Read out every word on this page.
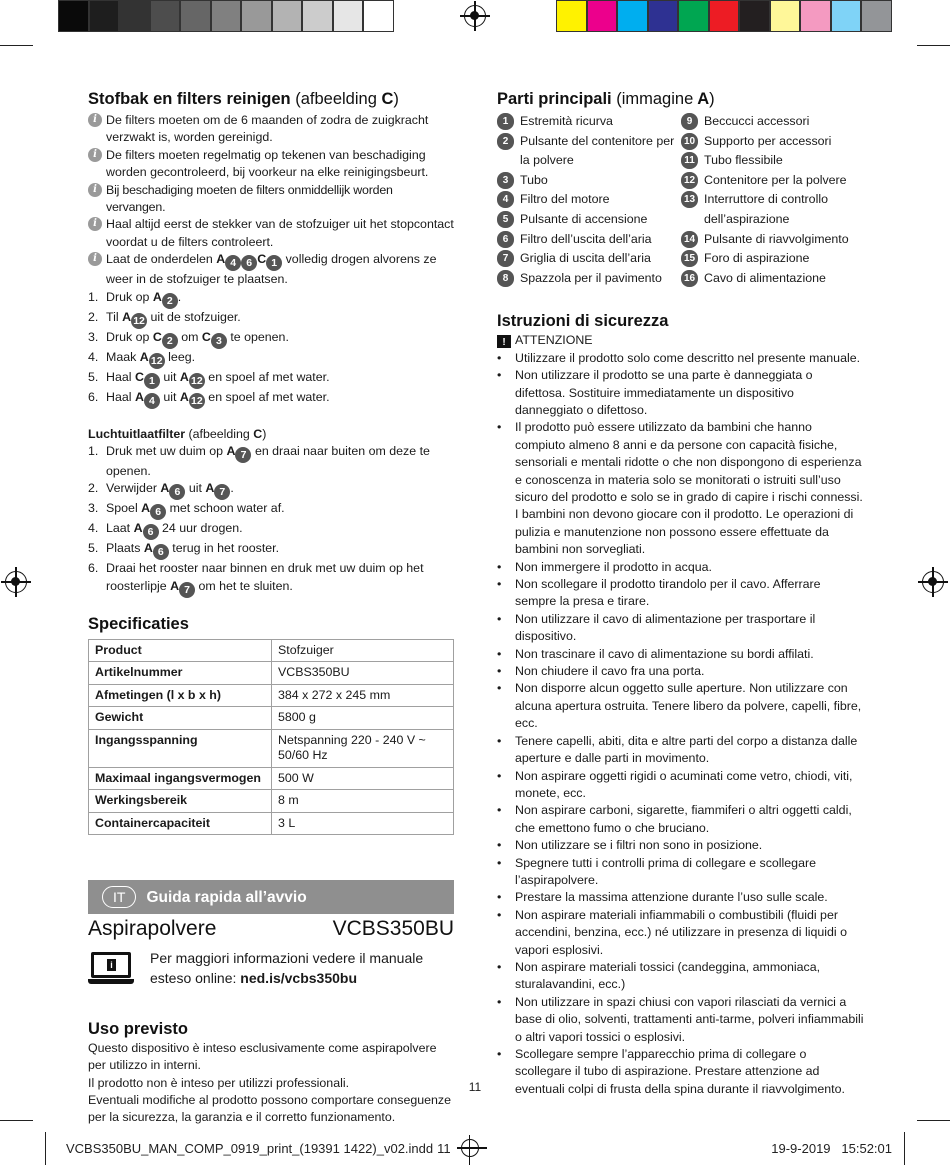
Stofbak en filters reinigen (afbeelding C)
i De filters moeten om de 6 maanden of zodra de zuigkracht verzwakt is, worden gereinigd.
i De filters moeten regelmatig op tekenen van beschadiging worden gecontroleerd, bij voorkeur na elke reinigingsbeurt.
i Bij beschadiging moeten de filters onmiddellijk worden vervangen.
i Haal altijd eerst de stekker van de stofzuiger uit het stopcontact voordat u de filters controleert.
i Laat de onderdelen A 4 6 C 1 volledig drogen alvorens ze weer in de stofzuiger te plaatsen.
1. Druk op A 2 .
2. Til A 12 uit de stofzuiger.
3. Druk op C 2 om C 3 te openen.
4. Maak A 12 leeg.
5. Haal C 1 uit A 12 en spoel af met water.
6. Haal A 4 uit A 12 en spoel af met water.
Luchtuitlaatfilter (afbeelding C)
1. Druk met uw duim op A 7 en draai naar buiten om deze te openen.
2. Verwijder A 6 uit A 7 .
3. Spoel A 6 met schoon water af.
4. Laat A 6 24 uur drogen.
5. Plaats A 6 terug in het rooster.
6. Draai het rooster naar binnen en druk met uw duim op het roosterlipje A 7 om het te sluiten.
Specificaties
Product	Stofzuiger
Artikelnummer	VCBS350BU
Afmetingen (l x b x h)	384 x 272 x 245 mm
Gewicht	5800 g
Ingangsspanning	Netspanning 220 - 240 V ~ 50/60 Hz
Maximaal ingangsvermogen	500 W
Werkingsbereik	8 m
Containercapaciteit	3 L
IT	Guida rapida all’avvio
Aspirapolvere	VCBS350BU
i	Per maggiori informazioni vedere il manuale esteso online: ned.is/vcbs350bu
Uso previsto

Questo dispositivo è inteso esclusivamente come aspirapolvere per utilizzo in interni.

Il prodotto non è inteso per utilizzi professionali.

Eventuali modifiche al prodotto possono comportare conseguenze per la sicurezza, la garanzia e il corretto funzionamento.

Parti principali (immagine A)
1 Estremità ricurva
2 Pulsante del contenitore per la polvere
3 Tubo
4 Filtro del motore
5 Pulsante di accensione
6 Filtro dell’uscita dell’aria
7 Griglia di uscita dell’aria
8 Spazzola per il pavimento
9 Beccucci accessori
10 Supporto per accessori
11 Tubo flessibile
12 Contenitore per la polvere
13 Interruttore di controllo dell’aspirazione
14 Pulsante di riavvolgimento
15 Foro di aspirazione
16 Cavo di alimentazione
Istruzioni di sicurezza
!
ATTENZIONE
•	Utilizzare il prodotto solo come descritto nel presente manuale.
•	Non utilizzare il prodotto se una parte è danneggiata o difettosa. Sostituire immediatamente un dispositivo danneggiato o difettoso.
•	Il prodotto può essere utilizzato da bambini che hanno compiuto almeno 8 anni e da persone con capacità fisiche, sensoriali e mentali ridotte o che non dispongono di esperienza e conoscenza in materia solo se monitorati o istruiti sull’uso sicuro del prodotto e solo se in grado di capire i rischi connessi. I bambini non devono giocare con il prodotto. Le operazioni di pulizia e manutenzione non possono essere effettuate da bambini non sorvegliati.
•	Non immergere il prodotto in acqua.
•	Non scollegare il prodotto tirandolo per il cavo. Afferrare sempre la presa e tirare.
•	Non utilizzare il cavo di alimentazione per trasportare il dispositivo.
•	Non trascinare il cavo di alimentazione su bordi affilati.
•	Non chiudere il cavo fra una porta.
•	Non disporre alcun oggetto sulle aperture. Non utilizzare con alcuna apertura ostruita. Tenere libero da polvere, capelli, fibre, ecc.
•	Tenere capelli, abiti, dita e altre parti del corpo a distanza dalle aperture e dalle parti in movimento.
•	Non aspirare oggetti rigidi o acuminati come vetro, chiodi, viti, monete, ecc.
•	Non aspirare carboni, sigarette, fiammiferi o altri oggetti caldi, che emettono fumo o che bruciano.
•	Non utilizzare se i filtri non sono in posizione.
•	Spegnere tutti i controlli prima di collegare e scollegare l’aspirapolvere.
•	Prestare la massima attenzione durante l’uso sulle scale.
•	Non aspirare materiali infiammabili o combustibili (fluidi per accendini, benzina, ecc.) né utilizzare in presenza di liquidi o vapori esplosivi.
•	Non aspirare materiali tossici (candeggina, ammoniaca, sturalavandini, ecc.)
•	Non utilizzare in spazi chiusi con vapori rilasciati da vernici a base di olio, solventi, trattamenti anti-tarme, polveri infiammabili o altri vapori tossici o esplosivi.
•	Scollegare sempre l’apparecchio prima di collegare o scollegare il tubo di aspirazione. Prestare attenzione ad eventuali colpi di frusta della spina durante il riavvolgimento.
11
VCBS350BU_MAN_COMP_0919_print_(19391 1422)_v02.indd 11	19-9-2019 15:52:01
